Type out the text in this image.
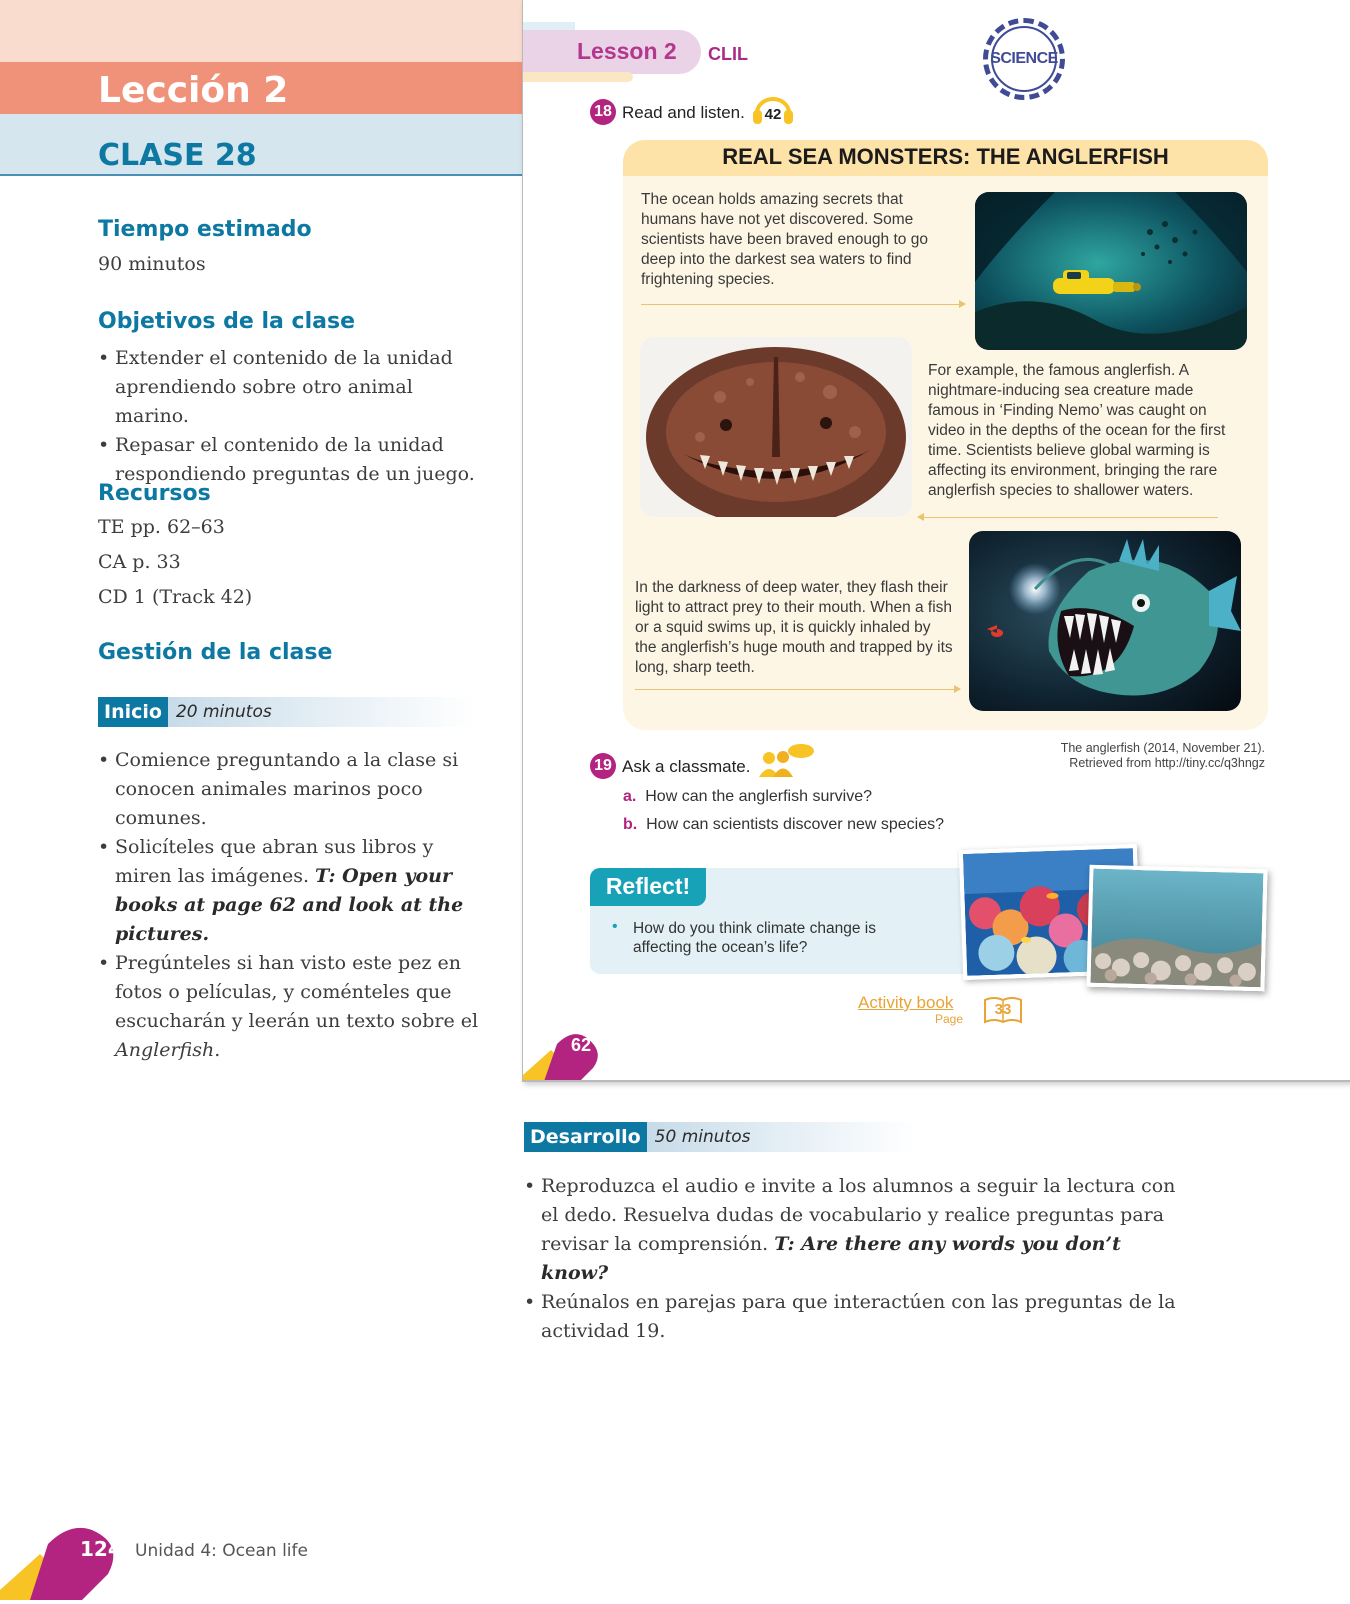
Lección 2
CLASE 28
Tiempo estimado
90 minutos
Objetivos de la clase
• Extender el contenido de la unidad aprendiendo sobre otro animal marino.
• Repasar el contenido de la unidad respondiendo preguntas de un juego.
Recursos
TE pp. 62–63
CA p. 33
CD 1 (Track 42)
Gestión de la clase
Inicio 20 minutos
• Comience preguntando a la clase si conocen animales marinos poco comunes.
• Solicíteles que abran sus libros y miren las imágenes. T: Open your books at page 62 and look at the pictures.
• Pregúnteles si han visto este pez en fotos o películas, y coménteles que escucharán y leerán un texto sobre el Anglerfish.
Lesson 2 CLIL	SCIENCE
18 Read and listen. 42
REAL SEA MONSTERS: THE ANGLERFISH
The ocean holds amazing secrets that humans have not yet discovered. Some scientists have been braved enough to go deep into the darkest sea waters to find frightening species.
For example, the famous anglerfish. A nightmare-inducing sea creature made famous in ‘Finding Nemo’ was caught on video in the depths of the ocean for the first time. Scientists believe global warming is affecting its environment, bringing the rare anglerfish species to shallower waters.
In the darkness of deep water, they flash their light to attract prey to their mouth. When a fish or a squid swims up, it is quickly inhaled by the anglerfish’s huge mouth and trapped by its long, sharp teeth.
The anglerfish (2014, November 21).
Retrieved from http://tiny.cc/q3hngz
19 Ask a classmate.
a. How can the anglerfish survive?
b. How can scientists discover new species?
Reflect!
• How do you think climate change is affecting the ocean’s life?
Activity book
Page
33
62
Desarrollo 50 minutos
• Reproduzca el audio e invite a los alumnos a seguir la lectura con el dedo. Resuelva dudas de vocabulario y realice preguntas para revisar la comprensión. T: Are there any words you don’t know?
• Reúnalos en parejas para que interactúen con las preguntas de la actividad 19.
124 Unidad 4: Ocean life
